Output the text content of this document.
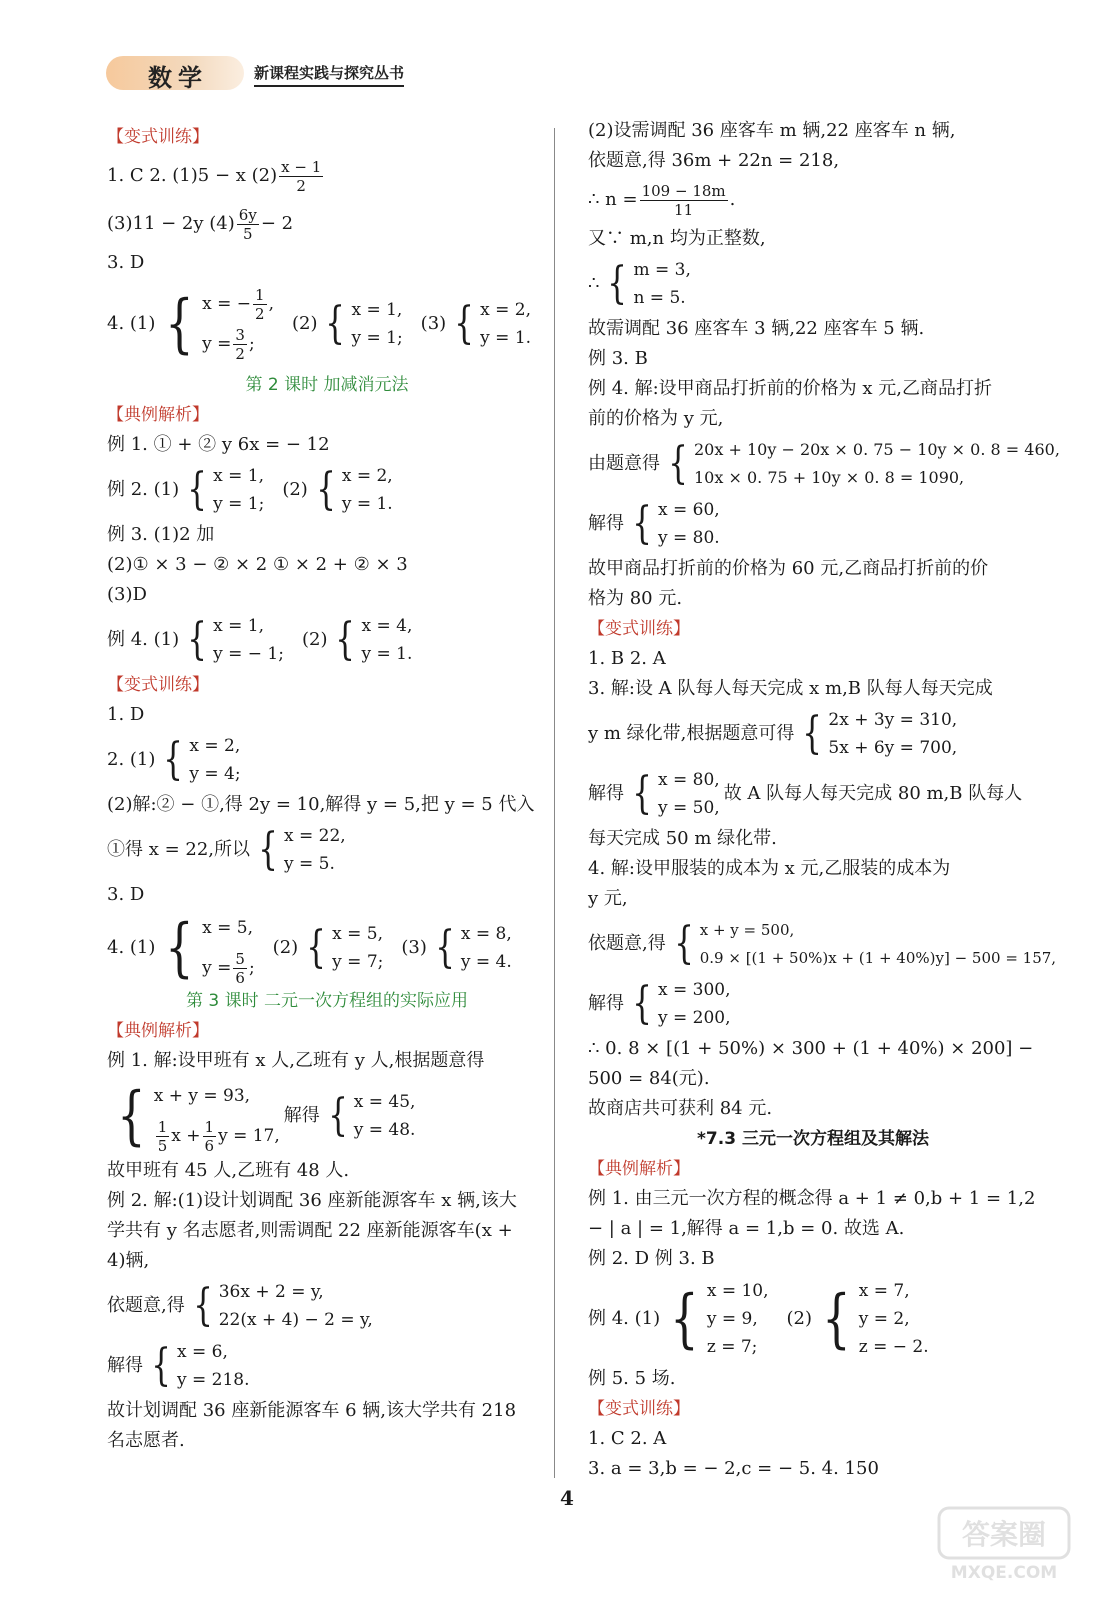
数学	新课程实践与探究丛书
【 变式训练 】
1. C 2. (1)5 − x $(2) \frac{x - 1}{2}$
(3)11 − 2y $(4) \frac{6y}{5} - 2$
3. D
4. (1) { x = − $\frac{1}{2}$ ,
$y = \frac{3}{2}$ ;
(2) { x = 1,
y = 1;
(3) { x = 2,
y = 1.
第 2 课时 加减消元法
【 典例解析 】
例 1. ① + ② y 6x = − 12
例 2. (1) { x = 1,
y = 1;
(2) { x = 2,
y = 1.
例 3. (1)2 加
(2)① × 3 − ② × 2 ① × 2 + ② × 3
(3)D
例 4. (1) { x = 1,
y = − 1;
(2) { x = 4,
y = 1.
【 变式训练 】
1. D
2. (1) { x = 2,
y = 4;
(2)解:② − ①,得 2y = 10,解得 y = 5,把 y = 5 代入
①得 x = 22,所以 { x = 22,
y = 5.
3. D
4. (1) { x = 5,
$y = \frac{5}{6}$ ;
(2) { x = 5,
y = 7;
(3) { x = 8,
y = 4.
第 3 课时 二元一次方程组的实际应用
【 典例解析 】
例 1. 解:设甲班有 x 人,乙班有 y 人,根据题意得
{ x + y = 93,
$\frac{1}{5}$ $x + \frac{1}{6}$ y = 17,
解得 { x = 45,
y = 48.
故甲班有 45 人,乙班有 48 人.
例 2. 解:(1)设计划调配 36 座新能源客车 x 辆,该大
学共有 y 名志愿者,则需调配 22 座新能源客车(x +
4)辆,
依题意,得 { 36x + 2 = y,
22(x + 4) − 2 = y,
解得 { x = 6,
y = 218.
故计划调配 36 座新能源客车 6 辆,该大学共有 218
名志愿者.
(2)设需调配 36 座客车 m 辆,22 座客车 n 辆,
依题意,得 36m + 22n = 218,
∴ $n = \frac{109 - 18m}{11}$ .
又∵ m,n 均为正整数,
∴ { m = 3,
n = 5.
故需调配 36 座客车 3 辆,22 座客车 5 辆.
例 3. B
例 4. 解:设甲商品打折前的价格为 x 元,乙商品打折
前的价格为 y 元,
由题意得 { 20x + 10y − 20x × 0. 75 − 10y × 0. 8 = 460,
10x × 0. 75 + 10y × 0. 8 = 1090,
解得 { x = 60,
y = 80.
故甲商品打折前的价格为 60 元,乙商品打折前的价
格为 80 元.
【 变式训练 】
1. B 2. A
3. 解:设 A 队每人每天完成 x m,B 队每人每天完成
y m 绿化带,根据题意可得 { 2x + 3y = 310,
5x + 6y = 700,
解得 { x = 80,
y = 50,
故 A 队每人每天完成 80 m,B 队每人
每天完成 50 m 绿化带.
4. 解:设甲服装的成本为 x 元,乙服装的成本为
y 元,
依题意,得 { x + y = 500,
0.9 × [(1 + 50%)x + (1 + 40%)y] − 500 = 157,
解得 { x = 300,
y = 200,
∴ 0. 8 × [(1 + 50%) × 300 + (1 + 40%) × 200] −
500 = 84(元).
故商店共可获利 84 元.
*7.3 三元一次方程组及其解法
【 典例解析 】
例 1. 由三元一次方程的概念得 a + 1 ≠ 0,b + 1 = 1,2
− | a | = 1,解得 a = 1,b = 0. 故选 A.
例 2. D 例 3. B
例 4. (1) { x = 10,
y = 9,
z = 7;
(2) { x = 7,
y = 2,
z = − 2.
例 5. 5 场.
【 变式训练 】
1. C 2. A
3. a = 3,b = − 2,c = − 5. 4. 150
4
答案圈
MXQE.COM
